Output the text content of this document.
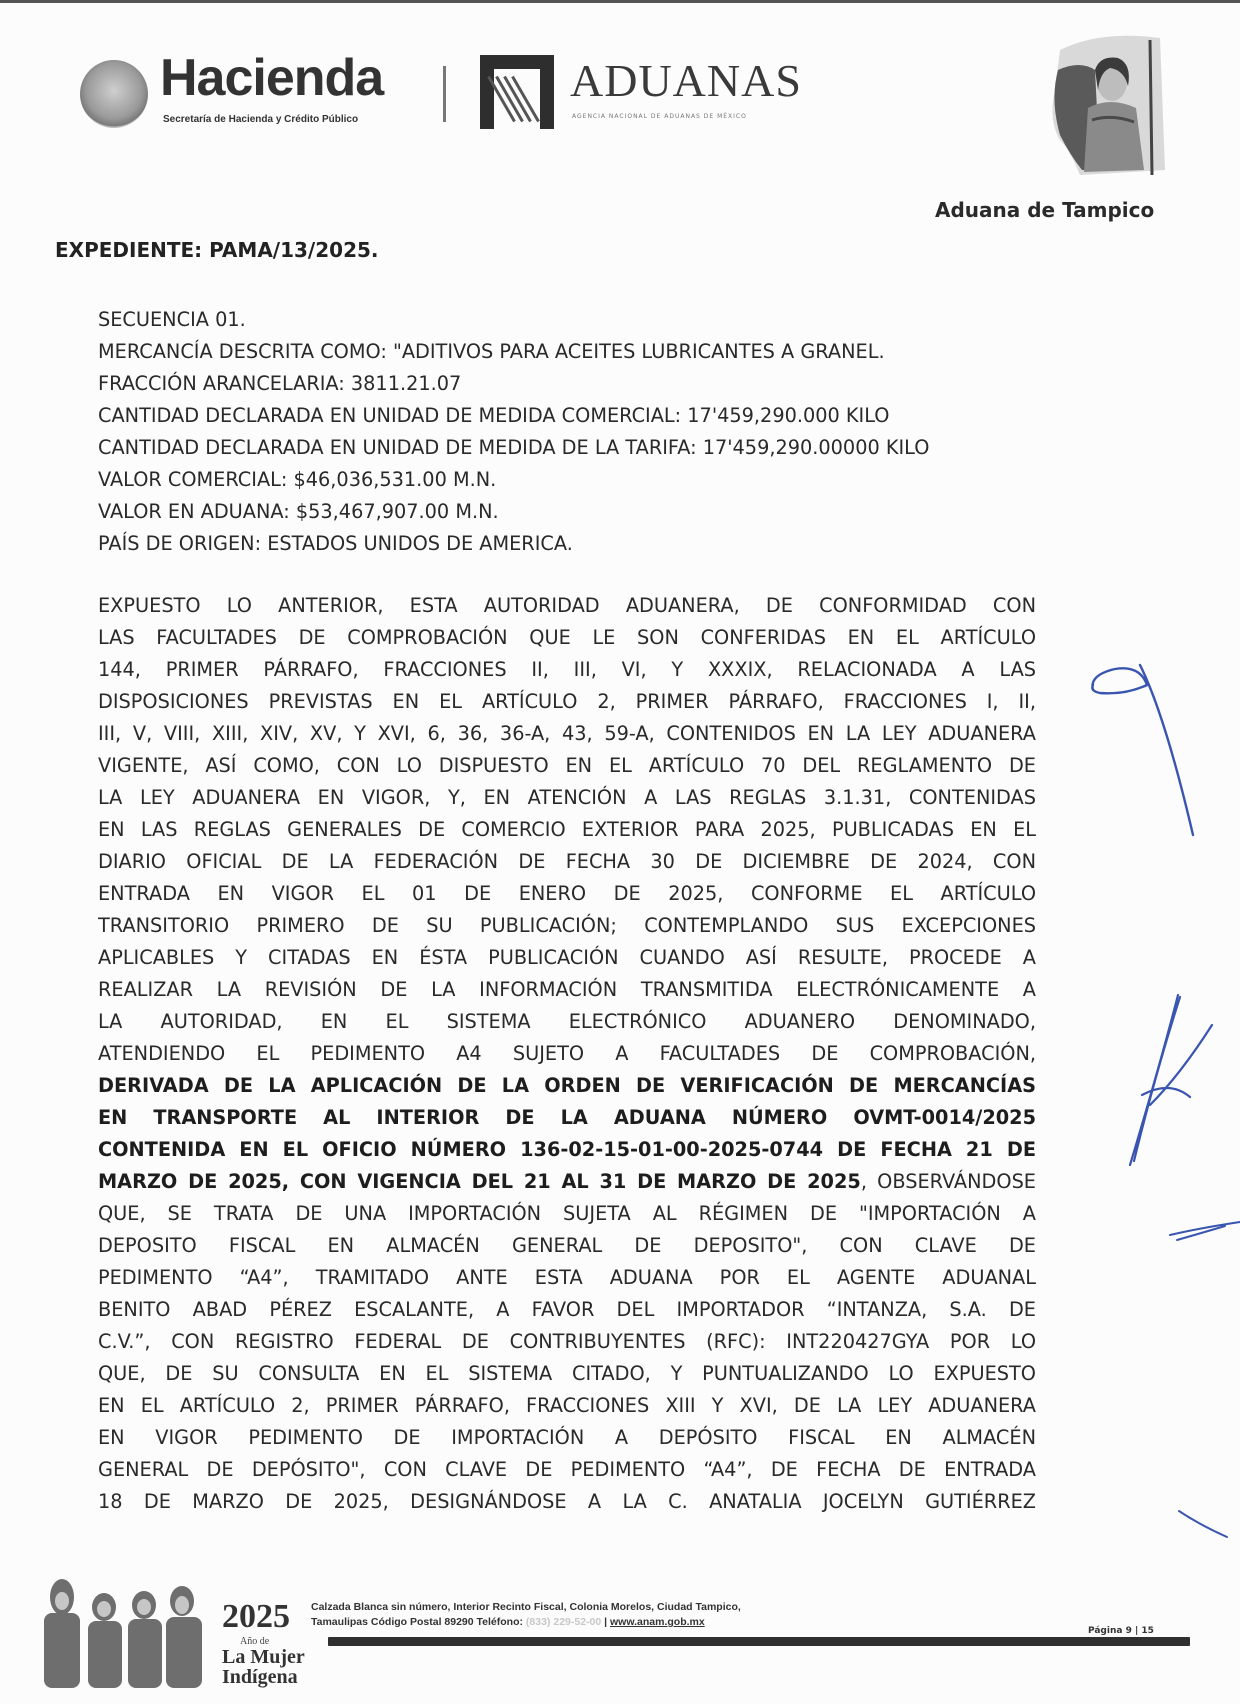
Hacienda
Secretaría de Hacienda y Crédito Público
ADUANAS
AGENCIA NACIONAL DE ADUANAS DE MÉXICO
Aduana de Tampico
EXPEDIENTE: PAMA/13/2025.
SECUENCIA 01.
MERCANCÍA DESCRITA COMO: "ADITIVOS PARA ACEITES LUBRICANTES A GRANEL.
FRACCIÓN ARANCELARIA: 3811.21.07
CANTIDAD DECLARADA EN UNIDAD DE MEDIDA COMERCIAL: 17'459,290.000 KILO
CANTIDAD DECLARADA EN UNIDAD DE MEDIDA DE LA TARIFA: 17'459,290.00000 KILO
VALOR COMERCIAL: $46,036,531.00 M.N.
VALOR EN ADUANA: $53,467,907.00 M.N.
PAÍS DE ORIGEN: ESTADOS UNIDOS DE AMERICA.
EXPUESTO LO ANTERIOR, ESTA AUTORIDAD ADUANERA, DE CONFORMIDAD CON
LAS FACULTADES DE COMPROBACIÓN QUE LE SON CONFERIDAS EN EL ARTÍCULO
144, PRIMER PÁRRAFO, FRACCIONES II, III, VI, Y XXXIX, RELACIONADA A LAS
DISPOSICIONES PREVISTAS EN EL ARTÍCULO 2, PRIMER PÁRRAFO, FRACCIONES I, II,
III, V, VIII, XIII, XIV, XV, Y XVI, 6, 36, 36-A, 43, 59-A, CONTENIDOS EN LA LEY ADUANERA
VIGENTE, ASÍ COMO, CON LO DISPUESTO EN EL ARTÍCULO 70 DEL REGLAMENTO DE
LA LEY ADUANERA EN VIGOR, Y, EN ATENCIÓN A LAS REGLAS 3.1.31, CONTENIDAS
EN LAS REGLAS GENERALES DE COMERCIO EXTERIOR PARA 2025, PUBLICADAS EN EL
DIARIO OFICIAL DE LA FEDERACIÓN DE FECHA 30 DE DICIEMBRE DE 2024, CON
ENTRADA EN VIGOR EL 01 DE ENERO DE 2025, CONFORME EL ARTÍCULO
TRANSITORIO PRIMERO DE SU PUBLICACIÓN; CONTEMPLANDO SUS EXCEPCIONES
APLICABLES Y CITADAS EN ÉSTA PUBLICACIÓN CUANDO ASÍ RESULTE, PROCEDE A
REALIZAR LA REVISIÓN DE LA INFORMACIÓN TRANSMITIDA ELECTRÓNICAMENTE A
LA AUTORIDAD, EN EL SISTEMA ELECTRÓNICO ADUANERO DENOMINADO,
ATENDIENDO EL PEDIMENTO A4 SUJETO A FACULTADES DE COMPROBACIÓN,
DERIVADA DE LA APLICACIÓN DE LA ORDEN DE VERIFICACIÓN DE MERCANCÍAS
EN TRANSPORTE AL INTERIOR DE LA ADUANA NÚMERO OVMT-0014/2025
CONTENIDA EN EL OFICIO NÚMERO 136-02-15-01-00-2025-0744 DE FECHA 21 DE
MARZO DE 2025, CON VIGENCIA DEL 21 AL 31 DE MARZO DE 2025, OBSERVÁNDOSE
QUE, SE TRATA DE UNA IMPORTACIÓN SUJETA AL RÉGIMEN DE "IMPORTACIÓN A
DEPOSITO FISCAL EN ALMACÉN GENERAL DE DEPOSITO", CON CLAVE DE
PEDIMENTO “A4”, TRAMITADO ANTE ESTA ADUANA POR EL AGENTE ADUANAL
BENITO ABAD PÉREZ ESCALANTE, A FAVOR DEL IMPORTADOR “INTANZA, S.A. DE
C.V.”, CON REGISTRO FEDERAL DE CONTRIBUYENTES (RFC): INT220427GYA POR LO
QUE, DE SU CONSULTA EN EL SISTEMA CITADO, Y PUNTUALIZANDO LO EXPUESTO
EN EL ARTÍCULO 2, PRIMER PÁRRAFO, FRACCIONES XIII Y XVI, DE LA LEY ADUANERA
EN VIGOR PEDIMENTO DE IMPORTACIÓN A DEPÓSITO FISCAL EN ALMACÉN
GENERAL DE DEPÓSITO", CON CLAVE DE PEDIMENTO “A4”, DE FECHA DE ENTRADA
18 DE MARZO DE 2025, DESIGNÁNDOSE A LA C. ANATALIA JOCELYN GUTIÉRREZ
2025
Año de
La Mujer
Indígena
Calzada Blanca sin número, Interior Recinto Fiscal, Colonia Morelos, Ciudad Tampico,
Tamaulipas Código Postal 89290 Teléfono: (833) 229-52-00 | www.anam.gob.mx
Página 9 | 15
